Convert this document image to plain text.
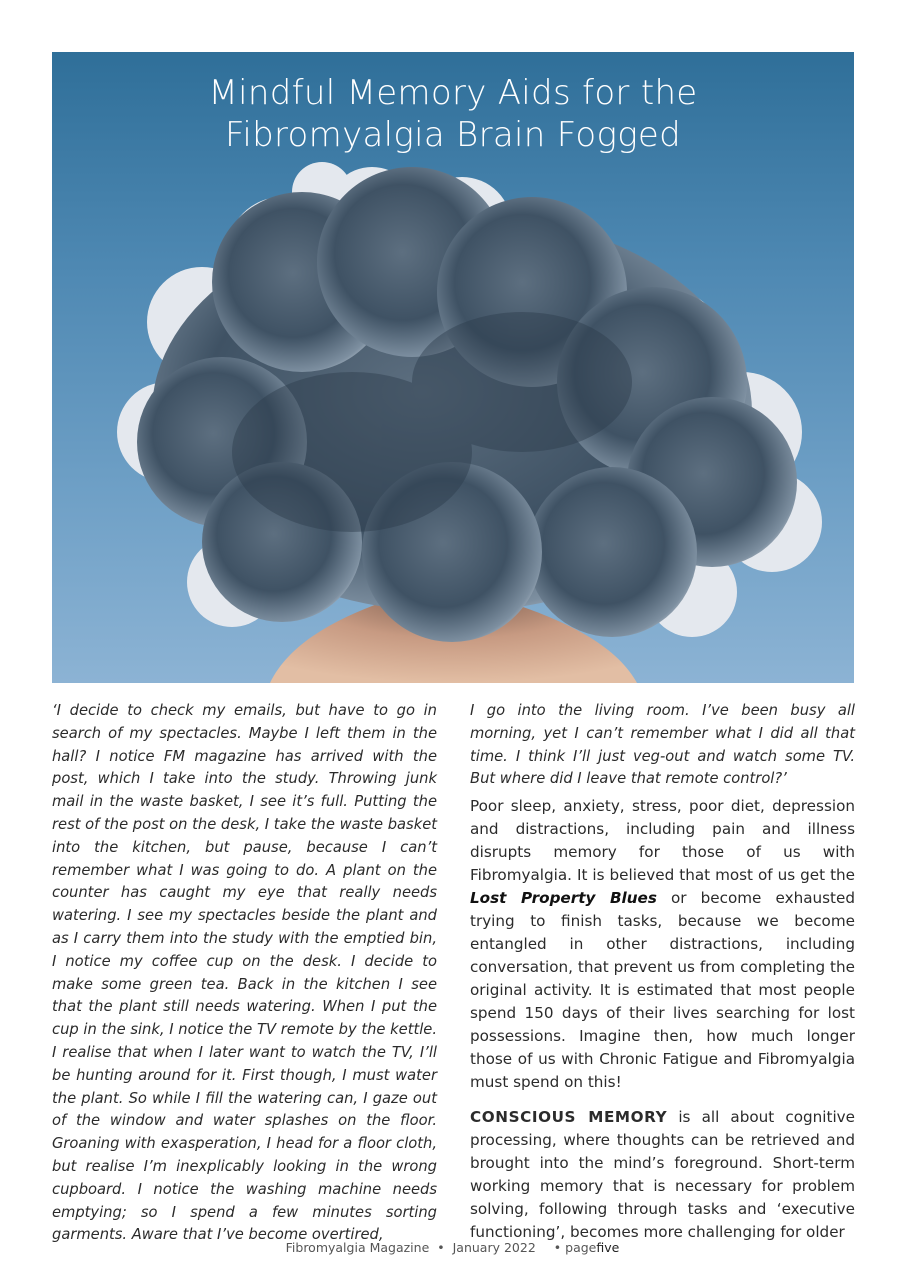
Mindful Memory Aids for the
Fibromyalgia Brain Fogged

‘I decide to check my emails, but have to go in search of my spectacles. Maybe I left them in the hall? I notice FM magazine has arrived with the post, which I take into the study. Throwing junk mail in the waste basket, I see it’s full. Putting the rest of the post on the desk, I take the waste basket into the kitchen, but pause, because I can’t remember what I was going to do. A plant on the counter has caught my eye that really needs watering. I see my spectacles beside the plant and as I carry them into the study with the emptied bin, I notice my coffee cup on the desk. I decide to make some green tea. Back in the kitchen I see that the plant still needs watering. When I put the cup in the sink, I notice the TV remote by the kettle. I realise that when I later want to watch the TV, I’ll be hunting around for it. First though, I must water the plant. So while I fill the watering can, I gaze out of the window and water splashes on the floor. Groaning with exasperation, I head for a floor cloth, but realise I’m inexplicably looking in the wrong cupboard. I notice the washing machine needs emptying; so I spend a few minutes sorting garments. Aware that I’ve become overtired,

I go into the living room. I’ve been busy all morning, yet I can’t remember what I did all that time. I think I’ll just veg-out and watch some TV. But where did I leave that remote control?’

Poor sleep, anxiety, stress, poor diet, depression and distractions, including pain and illness disrupts memory for those of us with Fibromyalgia. It is believed that most of us get the Lost Property Blues or become exhausted trying to finish tasks, because we become entangled in other distractions, including conversation, that prevent us from completing the original activity. It is estimated that most people spend 150 days of their lives searching for lost possessions. Imagine then, how much longer those of us with Chronic Fatigue and Fibromyalgia must spend on this!

CONSCIOUS MEMORY is all about cognitive processing, where thoughts can be retrieved and brought into the mind’s foreground. Short-term working memory that is necessary for problem solving, following through tasks and ‘executive functioning’, becomes more challenging for older

Fibromyalgia Magazine • January 2022 • pagefive
